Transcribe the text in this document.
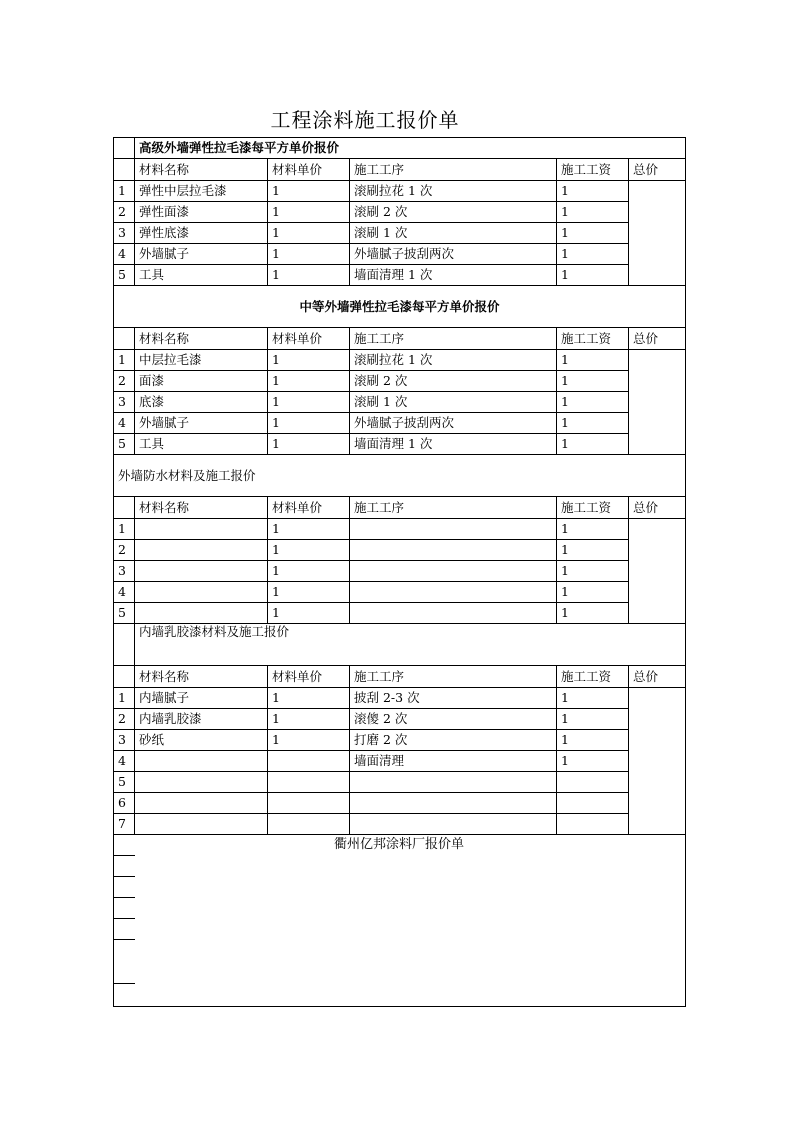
工程涂料施工报价单
	高级外墙弹性拉毛漆每平方单价报价				
	材料名称	材料单价	施工工序	施工工资	总价
1	弹性中层拉毛漆	1	滚刷拉花 1 次	1	
2	弹性面漆	1	滚刷 2 次	1	
3	弹性底漆	1	滚刷 1 次	1	
4	外墙腻子	1	外墙腻子披刮两次	1	
5	工具	1	墙面清理 1 次	1	
中等外墙弹性拉毛漆每平方单价报价					
	材料名称	材料单价	施工工序	施工工资	总价
1	中层拉毛漆	1	滚刷拉花 1 次	1	
2	面漆	1	滚刷 2 次	1	
3	底漆	1	滚刷 1 次	1	
4	外墙腻子	1	外墙腻子披刮两次	1	
5	工具	1	墙面清理 1 次	1	
外墙防水材料及施工报价					
	材料名称	材料单价	施工工序	施工工资	总价
1		1		1	
2		1		1	
3		1		1	
4		1		1	
5		1		1	
	内墙乳胶漆材料及施工报价				
	材料名称	材料单价	施工工序	施工工资	总价
1	内墙腻子	1	披刮 2-3 次	1	
2	内墙乳胶漆	1	滚傻 2 次	1	
3	砂纸	1	打磨 2 次	1	
4			墙面清理	1	
5					
6					
7					

衢州亿邦涂料厂报价单					
